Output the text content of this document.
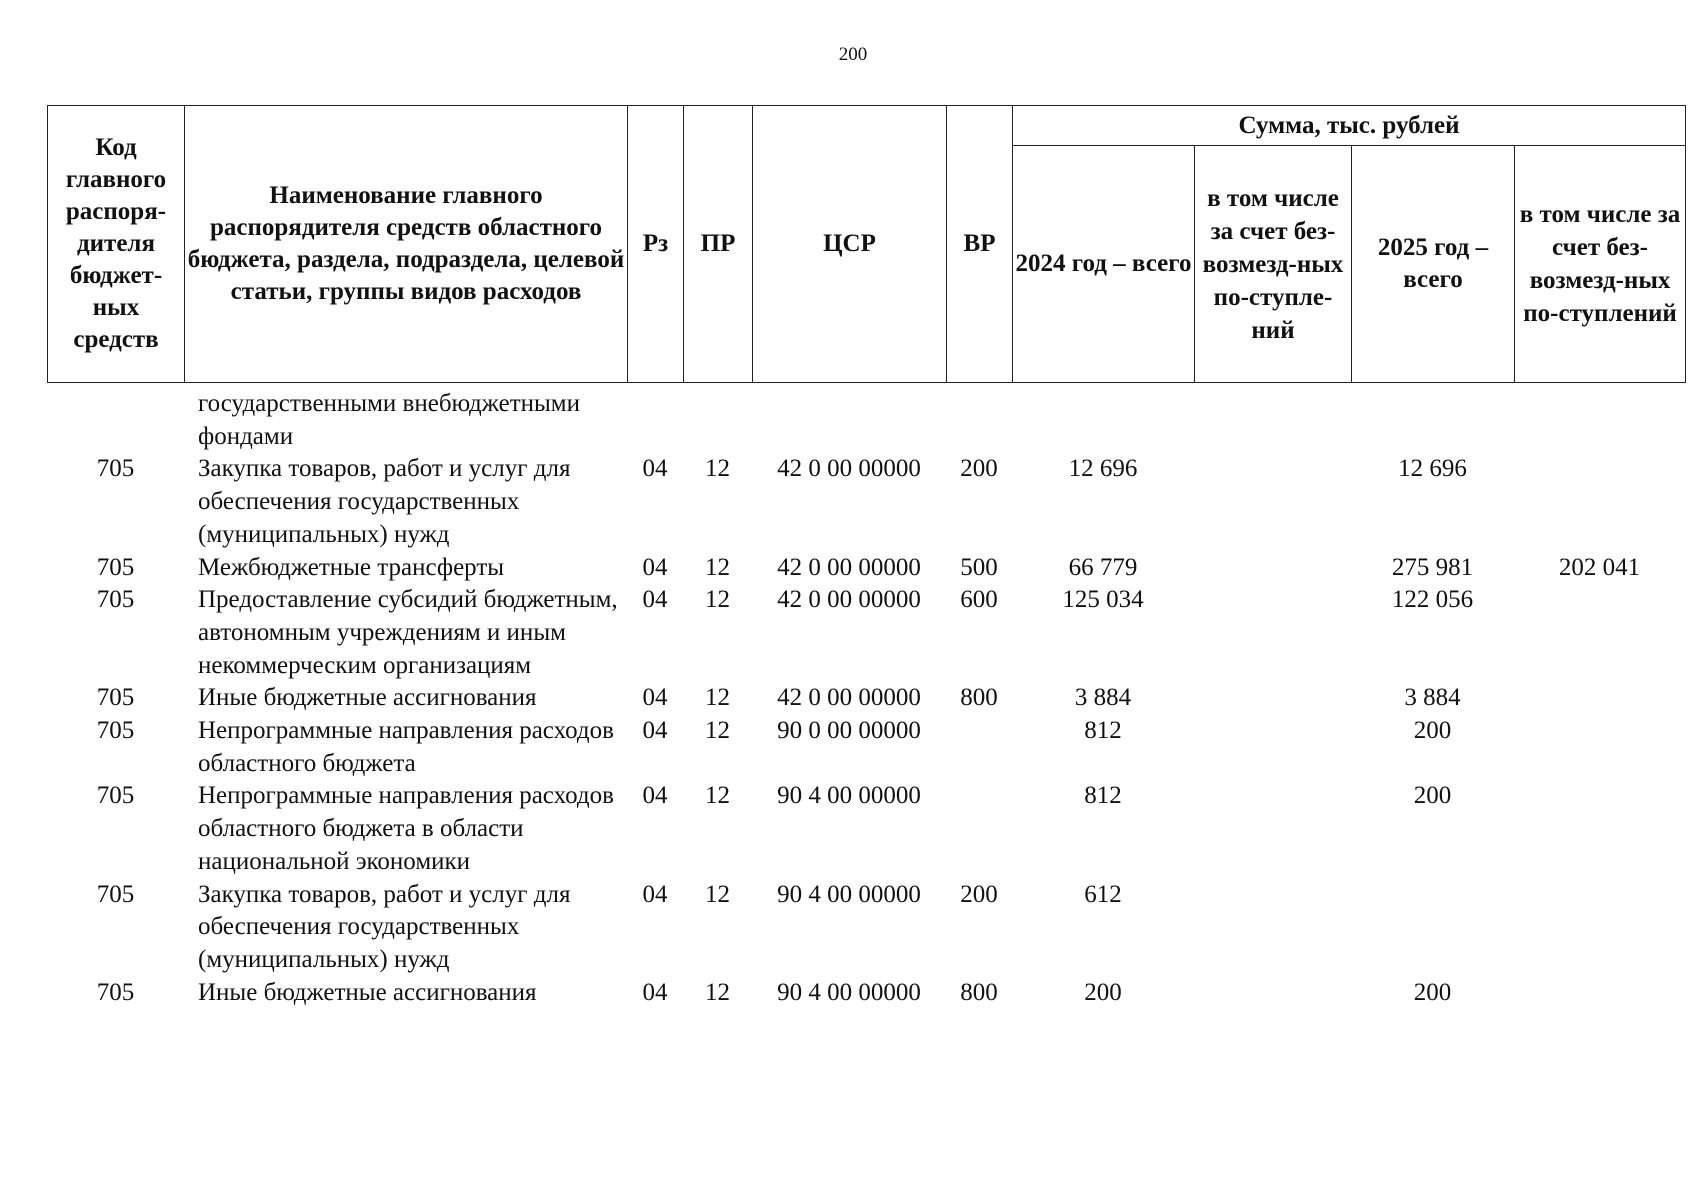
200
Код главного распоря-дителя бюджет-ных средств	Наименование главного распорядителя средств областного бюджета, раздела, подраздела, целевой статьи, группы видов расходов	Рз	ПР	ЦСР	ВР	Сумма, тыс. рублей			
						2024 год – всего	в том числе за счет без-возмезд-ных по-ступле-ний	2025 год – всего	в том числе за счет без-возмезд-ных по-ступлений
	государственными внебюджетными фондами								
705	Закупка товаров, работ и услуг для обеспечения государственных (муниципальных) нужд	04	12	42 0 00 00000	200	12 696		12 696	
705	Межбюджетные трансферты	04	12	42 0 00 00000	500	66 779		275 981	202 041
705	Предоставление субсидий бюджетным, автономным учреждениям и иным некоммерческим организациям	04	12	42 0 00 00000	600	125 034		122 056	
705	Иные бюджетные ассигнования	04	12	42 0 00 00000	800	3 884		3 884	
705	Непрограммные направления расходов областного бюджета	04	12	90 0 00 00000		812		200	
705	Непрограммные направления расходов областного бюджета в области национальной экономики	04	12	90 4 00 00000		812		200	
705	Закупка товаров, работ и услуг для обеспечения государственных (муниципальных) нужд	04	12	90 4 00 00000	200	612			
705	Иные бюджетные ассигнования	04	12	90 4 00 00000	800	200		200	
